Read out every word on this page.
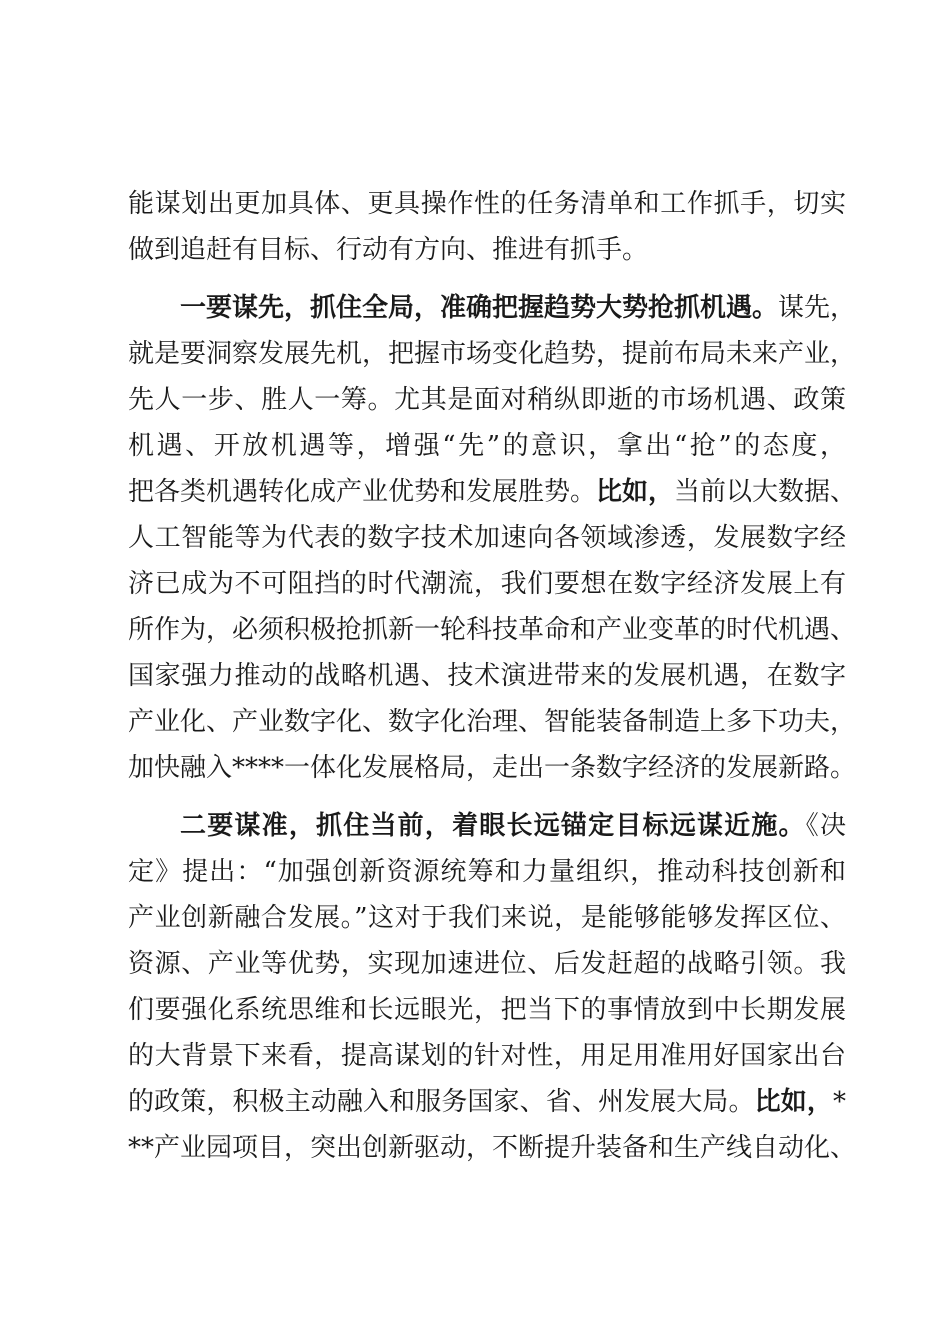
能谋划出更加具体、更具操作性的任务清单和工作抓手，切实
做到追赶有目标、行动有方向、推进有抓手。
一要谋先，抓住全局，准确把握趋势大势抢抓机遇。谋先，
就是要洞察发展先机，把握市场变化趋势，提前布局未来产业，
先人一步、胜人一筹。尤其是面对稍纵即逝的市场机遇、政策
机遇、开放机遇等，增强“先”的意识，拿出“抢”的态度，
把各类机遇转化成产业优势和发展胜势。比如，当前以大数据、
人工智能等为代表的数字技术加速向各领域渗透，发展数字经
济已成为不可阻挡的时代潮流，我们要想在数字经济发展上有
所作为，必须积极抢抓新一轮科技革命和产业变革的时代机遇、
国家强力推动的战略机遇、技术演进带来的发展机遇，在数字
产业化、产业数字化、数字化治理、智能装备制造上多下功夫，
加快融入****一体化发展格局，走出一条数字经济的发展新路。
二要谋准，抓住当前，着眼长远锚定目标远谋近施。《决
定》提出：“加强创新资源统筹和力量组织，推动科技创新和
产业创新融合发展。”这对于我们来说，是能够能够发挥区位、
资源、产业等优势，实现加速进位、后发赶超的战略引领。我
们要强化系统思维和长远眼光，把当下的事情放到中长期发展
的大背景下来看，提高谋划的针对性，用足用准用好国家出台
的政策，积极主动融入和服务国家、省、州发展大局。比如，*
**产业园项目，突出创新驱动，不断提升装备和生产线自动化、
